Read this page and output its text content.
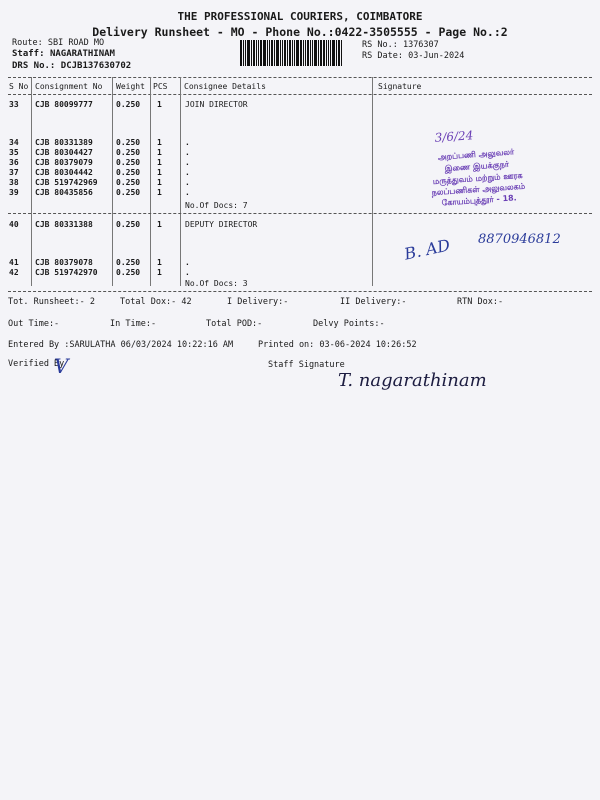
THE PROFESSIONAL COURIERS, COIMBATORE
Delivery Runsheet - MO - Phone No.:0422-3505555 - Page No.:2
Route: SBI ROAD MO
Staff: NAGARATHINAM
DRS No.: DCJB137630702
RS No.: 1376307
RS Date: 03-Jun-2024
S No Consignment No Weight PCS Consignee Details	Signature
33 CJB 80099777	0.250 1	JOIN DIRECTOR
34 CJB 80331389	0.250 1	.
35 CJB 80304427	0.250 1	.
36 CJB 80379079	0.250 1	.
37 CJB 80304442	0.250 1	.
38 CJB 519742969 0.250 1	.
39 CJB 80435856	0.250 1	.
No.Of Docs: 7
40 CJB 80331388	0.250 1	DEPUTY DIRECTOR
41 CJB 80379078	0.250 1	.
42 CJB 519742970 0.250 1	.
No.Of Docs: 3
3/6/24
அறப்பணி அலுவலர்
இணை இயக்குநர்
மருத்துவம் மற்றும் ஊரக
நலப்பணிகள் அலுவலகம்
கோயம்புத்தூர் - 18.
B. AD 8870946812
Tot. Runsheet:- 2	Total Dox:- 42	I Delivery:-	II Delivery:-	RTN Dox:-
Out Time:-	In Time:-	Total POD:-	Delvy Points:-
Entered By :SARULATHA 06/03/2024 10:22:16 AM	Printed on: 03-06-2024 10:26:52
Verified By
V	Staff Signature
T. nagarathinam
